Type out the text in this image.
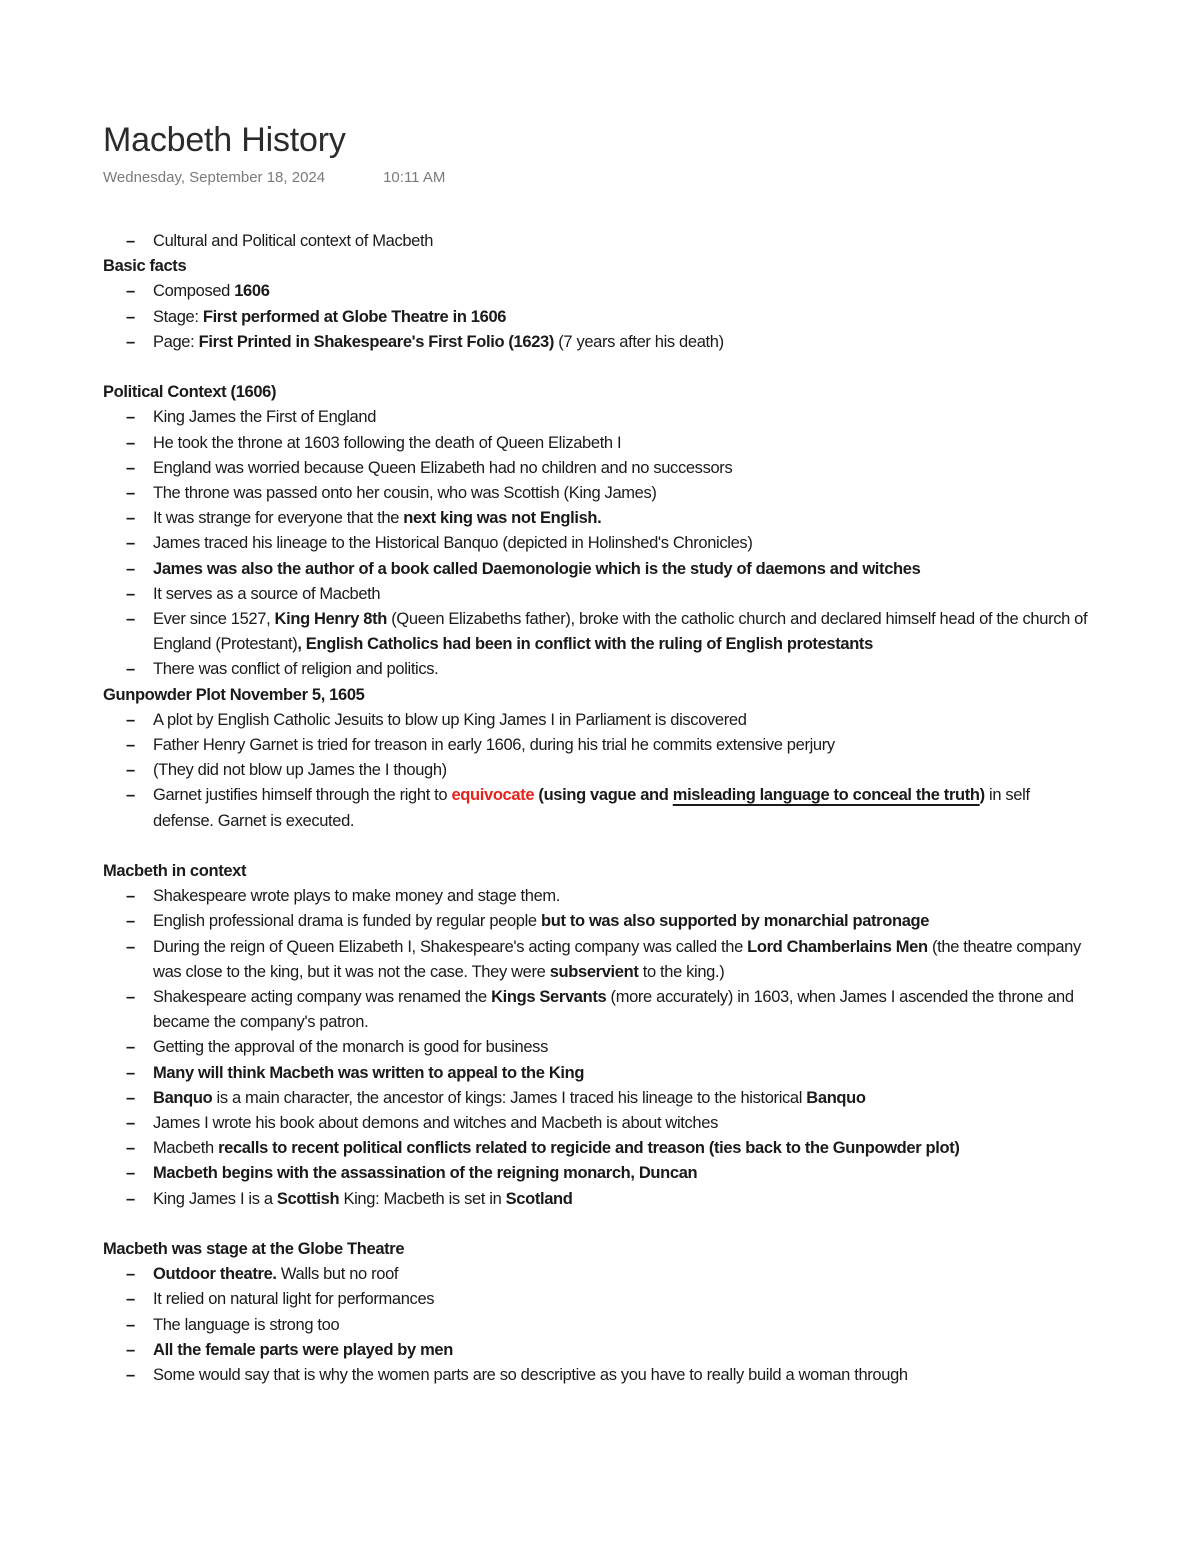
Macbeth History
Wednesday, September 18, 2024	10:11 AM
– Cultural and Political context of Macbeth
Basic facts
– Composed 1606
– Stage: First performed at Globe Theatre in 1606
– Page: First Printed in Shakespeare's First Folio (1623) (7 years after his death)
Political Context (1606)
– King James the First of England
– He took the throne at 1603 following the death of Queen Elizabeth I
– England was worried because Queen Elizabeth had no children and no successors
– The throne was passed onto her cousin, who was Scottish (King James)
– It was strange for everyone that the next king was not English.
– James traced his lineage to the Historical Banquo (depicted in Holinshed's Chronicles)
– James was also the author of a book called Daemonologie which is the study of daemons and witches
– It serves as a source of Macbeth
– Ever since 1527, King Henry 8th (Queen Elizabeths father), broke with the catholic church and declared himself head of the church of England (Protestant), English Catholics had been in conflict with the ruling of English protestants
– There was conflict of religion and politics.
Gunpowder Plot November 5, 1605
– A plot by English Catholic Jesuits to blow up King James I in Parliament is discovered
– Father Henry Garnet is tried for treason in early 1606, during his trial he commits extensive perjury
– (They did not blow up James the I though)
– Garnet justifies himself through the right to equivocate (using vague and misleading language to conceal the truth) in self defense. Garnet is executed.
Macbeth in context
– Shakespeare wrote plays to make money and stage them.
– English professional drama is funded by regular people but to was also supported by monarchial patronage
– During the reign of Queen Elizabeth I, Shakespeare's acting company was called the Lord Chamberlains Men (the theatre company was close to the king, but it was not the case. They were subservient to the king.)
– Shakespeare acting company was renamed the Kings Servants (more accurately) in 1603, when James I ascended the throne and became the company's patron.
– Getting the approval of the monarch is good for business
– Many will think Macbeth was written to appeal to the King
– Banquo is a main character, the ancestor of kings: James I traced his lineage to the historical Banquo
– James I wrote his book about demons and witches and Macbeth is about witches
– Macbeth recalls to recent political conflicts related to regicide and treason (ties back to the Gunpowder plot)
– Macbeth begins with the assassination of the reigning monarch, Duncan
– King James I is a Scottish King: Macbeth is set in Scotland
Macbeth was stage at the Globe Theatre
– Outdoor theatre. Walls but no roof
– It relied on natural light for performances
– The language is strong too
– All the female parts were played by men
– Some would say that is why the women parts are so descriptive as you have to really build a woman through
